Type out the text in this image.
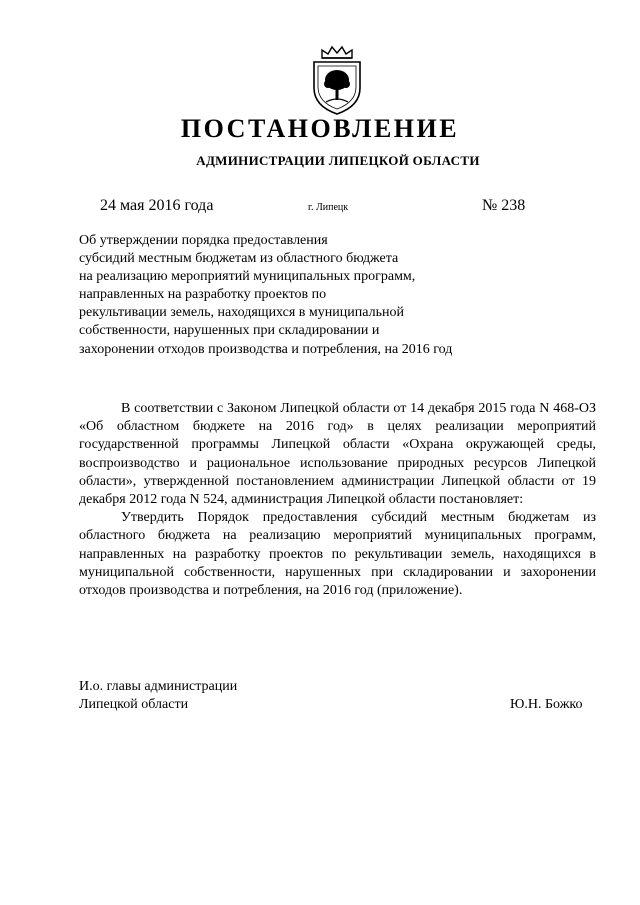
ПОСТАНОВЛЕНИЕ
АДМИНИСТРАЦИИ ЛИПЕЦКОЙ ОБЛАСТИ
24 мая 2016 года	г. Липецк	№ 238
Об утверждении порядка предоставления
субсидий местным бюджетам из областного бюджета
на реализацию мероприятий муниципальных программ,
направленных на разработку проектов по
рекультивации земель, находящихся в муниципальной
собственности, нарушенных при складировании и
захоронении отходов производства и потребления, на 2016 год

В соответствии с Законом Липецкой области от 14 декабря 2015 года N 468-ОЗ «Об областном бюджете на 2016 год» в целях реализации мероприятий государственной программы Липецкой области «Охрана окружающей среды, воспроизводство и рациональное использование природных ресурсов Липецкой области», утвержденной постановлением администрации Липецкой области от 19 декабря 2012 года N 524, администрация Липецкой области постановляет:

Утвердить Порядок предоставления субсидий местным бюджетам из областного бюджета на реализацию мероприятий муниципальных программ, направленных на разработку проектов по рекультивации земель, находящихся в муниципальной собственности, нарушенных при складировании и захоронении отходов производства и потребления, на 2016 год (приложение).

И.о. главы администрации
Липецкой области	Ю.Н. Божко
